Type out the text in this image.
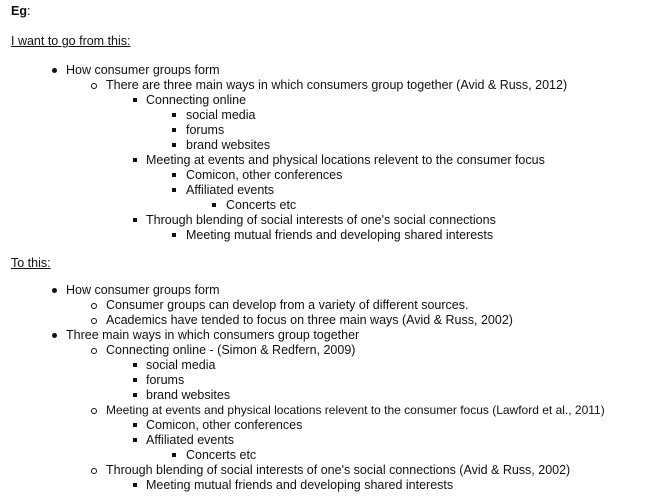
Eg:
I want to go from this:
How consumer groups form
There are three main ways in which consumers group together (Avid & Russ, 2012)
Connecting online
social media
forums
brand websites
Meeting at events and physical locations relevent to the consumer focus
Comicon, other conferences
Affiliated events
Concerts etc
Through blending of social interests of one's social connections
Meeting mutual friends and developing shared interests
To this:
How consumer groups form
Consumer groups can develop from a variety of different sources.
Academics have tended to focus on three main ways (Avid & Russ, 2002)
Three main ways in which consumers group together
Connecting online - (Simon & Redfern, 2009)
social media
forums
brand websites
Meeting at events and physical locations relevent to the consumer focus (Lawford et al., 2011)
Comicon, other conferences
Affiliated events
Concerts etc
Through blending of social interests of one's social connections (Avid & Russ, 2002)
Meeting mutual friends and developing shared interests
